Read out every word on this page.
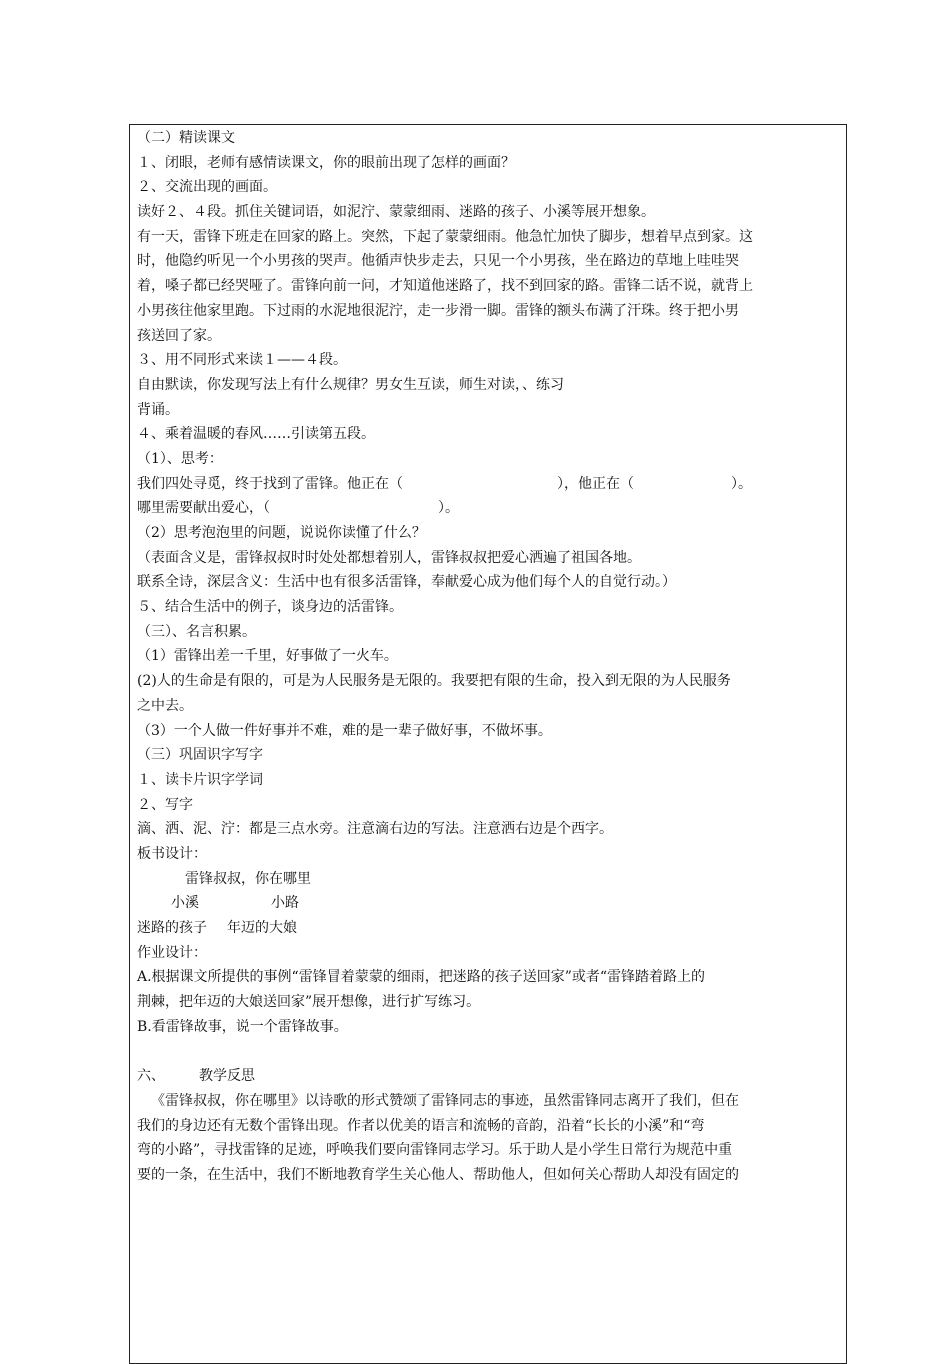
（二）精读课文
１、闭眼，老师有感情读课文，你的眼前出现了怎样的画面？
２、交流出现的画面。
读好２、４段。抓住关键词语，如泥泞、蒙蒙细雨、迷路的孩子、小溪等展开想象。
有一天，雷锋下班走在回家的路上。突然，下起了蒙蒙细雨。他急忙加快了脚步，想着早点到家。这
时，他隐约听见一个小男孩的哭声。他循声快步走去，只见一个小男孩，坐在路边的草地上哇哇哭
着，嗓子都已经哭哑了。雷锋向前一问，才知道他迷路了，找不到回家的路。雷锋二话不说，就背上
小男孩往他家里跑。下过雨的水泥地很泥泞，走一步滑一脚。雷锋的额头布满了汗珠。终于把小男
孩送回了家。
３、用不同形式来读１——４段。
自由默读，你发现写法上有什么规律？男女生互读，师生对读，、练习
背诵。
４、乘着温暖的春风……引读第五段。
（1）、思考：
我们四处寻觅，终于找到了雷锋。他正在（	），他正在（	）。
哪里需要献出爱心，（	）。
（2）思考泡泡里的问题，说说你读懂了什么？
（表面含义是，雷锋叔叔时时处处都想着别人，雷锋叔叔把爱心洒遍了祖国各地。
联系全诗，深层含义：生活中也有很多活雷锋，奉献爱心成为他们每个人的自觉行动。）
５、结合生活中的例子，谈身边的活雷锋。
（三）、名言积累。
（1）雷锋出差一千里，好事做了一火车。
(2)人的生命是有限的，可是为人民服务是无限的。我要把有限的生命，投入到无限的为人民服务
之中去。
（3）一个人做一件好事并不难，难的是一辈子做好事，不做坏事。
（三）巩固识字写字
１、读卡片识字学词
２、写字
滴、洒、泥、泞：都是三点水旁。注意滴右边的写法。注意洒右边是个西字。
板书设计：
雷锋叔叔，你在哪里
小溪	小路
迷路的孩子 年迈的大娘
作业设计：
A.根据课文所提供的事例“雷锋冒着蒙蒙的细雨，把迷路的孩子送回家”或者“雷锋踏着路上的
荆棘，把年迈的大娘送回家”展开想像，进行扩写练习。
B.看雷锋故事，说一个雷锋故事。
六、 教学反思
《雷锋叔叔，你在哪里》以诗歌的形式赞颂了雷锋同志的事迹，虽然雷锋同志离开了我们，但在
我们的身边还有无数个雷锋出现。作者以优美的语言和流畅的音韵，沿着“长长的小溪”和“弯
弯的小路”，寻找雷锋的足迹，呼唤我们要向雷锋同志学习。乐于助人是小学生日常行为规范中重
要的一条，在生活中，我们不断地教育学生关心他人、帮助他人，但如何关心帮助人却没有固定的
